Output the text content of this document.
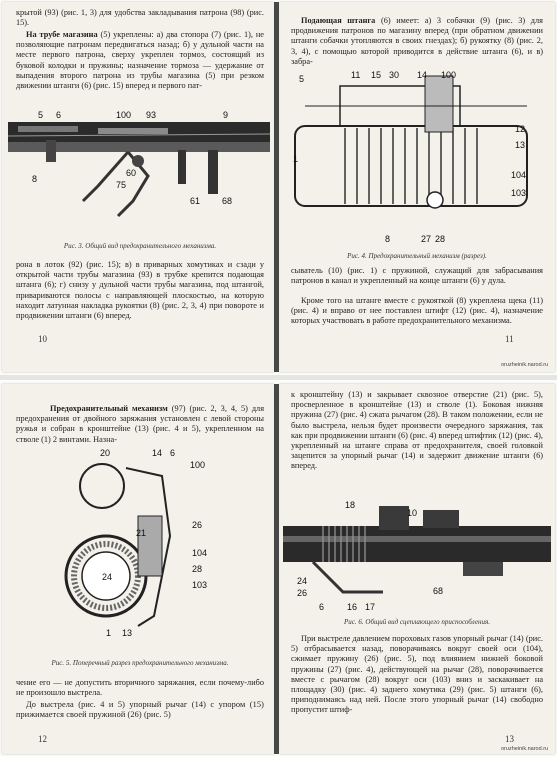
крытой (93) (рис. 1, 3) для удобства закладывания патрона (98) (рис. 15).

На трубе магазина (5) укреплены: а) два стопора (7) (рис. 1), не позволяющие патронам передвигаться назад; б) у дульной части на месте первого патрона, сверху укреплен тормоз, состоящий из буковой колодки и пружины; назначение тормоза — удержание от выпадения второго патрона из трубы магазина (5) при резком движении штанги (6) (рис. 15) вперед и первого пат-

5 6	100 93	9
8
60
75
61 68
Рис. 3. Общий вид предохранительного механизма.

рона в лоток (92) (рис. 15); в) в приварных хомутиках и сзади у открытой части трубы магазина (93) в трубке крепится подающая штанга (6); г) снизу у дульной части трубы магазина, под штангой, привариваются полосы с направляющей плоскостью, на которую находит латунная накладка рукоятки (8) (рис. 2, 3, 4) при повороте и продвижении штанги (6) вперед.

10

Подающая штанга (6) имеет: а) 3 собачки (9) (рис. 3) для продвижения патронов по магазину вперед (при обратном движении штанги собачки утопляются в своих гнездах); б) рукоятку (8) (рис. 2, 3, 4), с помощью которой приводится в действие штанга (6), и в) забра-

5	11 15 30 14 100
1
12
13
104
103
8	27 28
Рис. 4. Предохранительный механизм (разрез).

сыватель (10) (рис. 1) с пружиной, служащий для забрасывания патронов в канал и укрепленный на конце штанги (6) у дула.

Кроме того на штанге вместе с рукояткой (8) укреплена щека (11) (рис. 4) и вправо от нее поставлен штифт (12) (рис. 4), назначение которых участвовать в работе предохранительного механизма.

11
oruzheinik.narod.ru

Предохранительный механизм (97) (рис. 2, 3, 4, 5) для предохранения от двойного заряжания установлен с левой стороны ружья и собран в кронштейне (13) (рис. 4 и 5), укрепленном на стволе (1) 2 винтами. Назна-

20	14 6
100
26
104
28
103
1 13
21
24
Рис. 5. Поперечный разрез предохранительного механизма.

чение его — не допустить вторичного заряжания, если почему-либо не произошло выстрела.

До выстрела (рис. 4 и 5) упорный рычаг (14) с упором (15) прижимается своей пружиной (26) (рис. 5)

12

к кронштейну (13) и закрывает сквозное отверстие (21) (рис. 5), просверленное в кронштейне (13) и стволе (1). Боковая нижняя пружина (27) (рис. 4) сжата рычагом (28). В таком положении, если не было выстрела, нельзя будет произвести очередного заряжания, так как при продвижении штанги (6) (рис. 4) вперед штифтик (12) (рис. 4), укрепленный на штанге справа от предохранителя, своей головкой зацепится за упорный рычаг (14) и задержит движение штанги (6) вперед.

18
10
24
26
6
68
16 17
Рис. 6. Общий вид сцеплающего приспособления.

При выстреле давлением пороховых газов упорный рычаг (14) (рис. 5) отбрасывается назад, поворачиваясь вокруг своей оси (104), сжимает пружину (26) (рис. 5), под влиянием нижней боковой пружины (27) (рис. 4), действующей на рычаг (28), поворачивается вместе с рычагом (28) вокруг оси (103) вниз и заскакивает на площадку (30) (рис. 4) заднего хомутика (29) (рис. 5) штанги (6), приподнимаясь над ней. После этого упорный рычаг (14) свободно пропустит штиф-

13
oruzheinik.narod.ru
